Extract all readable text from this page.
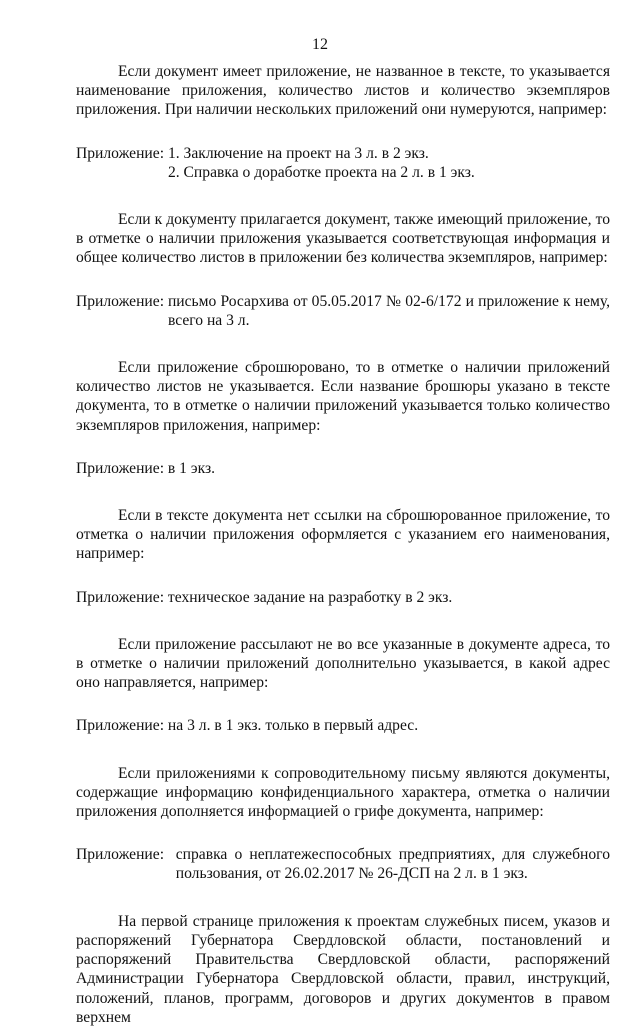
12

Если документ имеет приложение, не названное в тексте, то указывается наименование приложения, количество листов и количество экземпляров приложения. При наличии нескольких приложений они нумеруются, например:

Приложение:
1. Заключение на проект на 3 л. в 2 экз.
2. Справка о доработке проекта на 2 л. в 1 экз.

Если к документу прилагается документ, также имеющий приложение, то в отметке о наличии приложения указывается соответствующая информация и общее количество листов в приложении без количества экземпляров, например:

Приложение:
письмо Росархива от 05.05.2017 № 02-6/172 и приложение к нему, всего на 3 л.

Если приложение сброшюровано, то в отметке о наличии приложений количество листов не указывается. Если название брошюры указано в тексте документа, то в отметке о наличии приложений указывается только количество экземпляров приложения, например:

Приложение: в 1 экз.

Если в тексте документа нет ссылки на сброшюрованное приложение, то отметка о наличии приложения оформляется с указанием его наименования, например:

Приложение: техническое задание на разработку в 2 экз.

Если приложение рассылают не во все указанные в документе адреса, то в отметке о наличии приложений дополнительно указывается, в какой адрес оно направляется, например:

Приложение: на 3 л. в 1 экз. только в первый адрес.

Если приложениями к сопроводительному письму являются документы, содержащие информацию конфиденциального характера, отметка о наличии приложения дополняется информацией о грифе документа, например:

Приложение:
справка о неплатежеспособных предприятиях, для служебного пользования, от 26.02.2017 № 26-ДСП на 2 л. в 1 экз.

На первой странице приложения к проектам служебных писем, указов и распоряжений Губернатора Свердловской области, постановлений и распоряжений Правительства Свердловской области, распоряжений Администрации Губернатора Свердловской области, правил, инструкций, положений, планов, программ, договоров и других документов в правом верхнем
